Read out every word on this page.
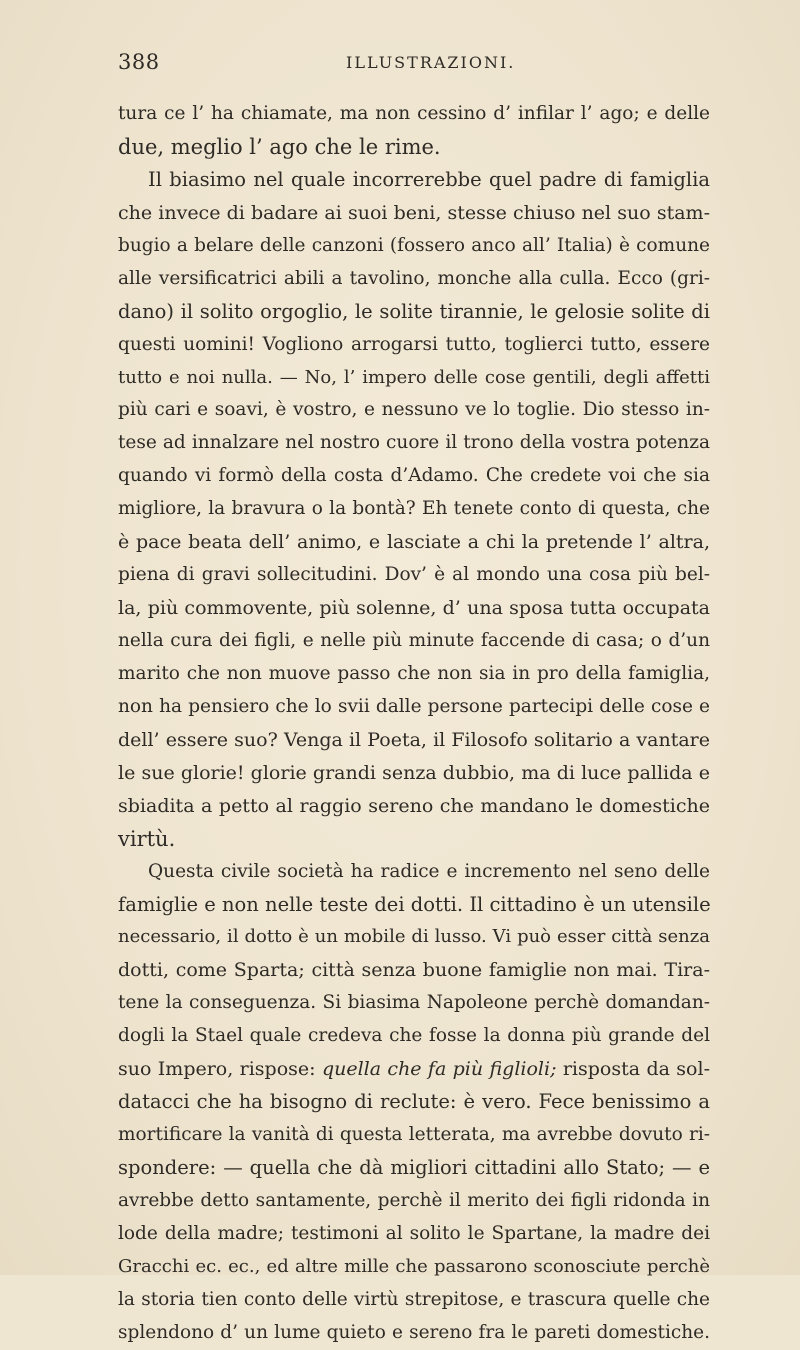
388	ILLUSTRAZIONI.
tura ce l’ ha chiamate, ma non cessino d’ infilar l’ ago; e delle
due, meglio l’ ago che le rime.
Il biasimo nel quale incorrerebbe quel padre di famiglia
che invece di badare ai suoi beni, stesse chiuso nel suo stam-
bugio a belare delle canzoni (fossero anco all’ Italia) è comune
alle versificatrici abili a tavolino, monche alla culla. Ecco (gri-
dano) il solito orgoglio, le solite tirannie, le gelosie solite di
questi uomini! Vogliono arrogarsi tutto, toglierci tutto, essere
tutto e noi nulla. — No, l’ impero delle cose gentili, degli affetti
più cari e soavi, è vostro, e nessuno ve lo toglie. Dio stesso in-
tese ad innalzare nel nostro cuore il trono della vostra potenza
quando vi formò della costa d’Adamo. Che credete voi che sia
migliore, la bravura o la bontà? Eh tenete conto di questa, che
è pace beata dell’ animo, e lasciate a chi la pretende l’ altra,
piena di gravi sollecitudini. Dov’ è al mondo una cosa più bel-
la, più commovente, più solenne, d’ una sposa tutta occupata
nella cura dei figli, e nelle più minute faccende di casa; o d’un
marito che non muove passo che non sia in pro della famiglia,
non ha pensiero che lo svii dalle persone partecipi delle cose e
dell’ essere suo? Venga il Poeta, il Filosofo solitario a vantare
le sue glorie! glorie grandi senza dubbio, ma di luce pallida e
sbiadita a petto al raggio sereno che mandano le domestiche
virtù.
Questa civile società ha radice e incremento nel seno delle
famiglie e non nelle teste dei dotti. Il cittadino è un utensile
necessario, il dotto è un mobile di lusso. Vi può esser città senza
dotti, come Sparta; città senza buone famiglie non mai. Tira-
tene la conseguenza. Si biasima Napoleone perchè domandan-
dogli la Stael quale credeva che fosse la donna più grande del
suo Impero, rispose: quella che fa più figlioli; risposta da sol-
datacci che ha bisogno di reclute: è vero. Fece benissimo a
mortificare la vanità di questa letterata, ma avrebbe dovuto ri-
spondere: — quella che dà migliori cittadini allo Stato; — e
avrebbe detto santamente, perchè il merito dei figli ridonda in
lode della madre; testimoni al solito le Spartane, la madre dei
Gracchi ec. ec., ed altre mille che passarono sconosciute perchè
la storia tien conto delle virtù strepitose, e trascura quelle che
splendono d’ un lume quieto e sereno fra le pareti domestiche.
